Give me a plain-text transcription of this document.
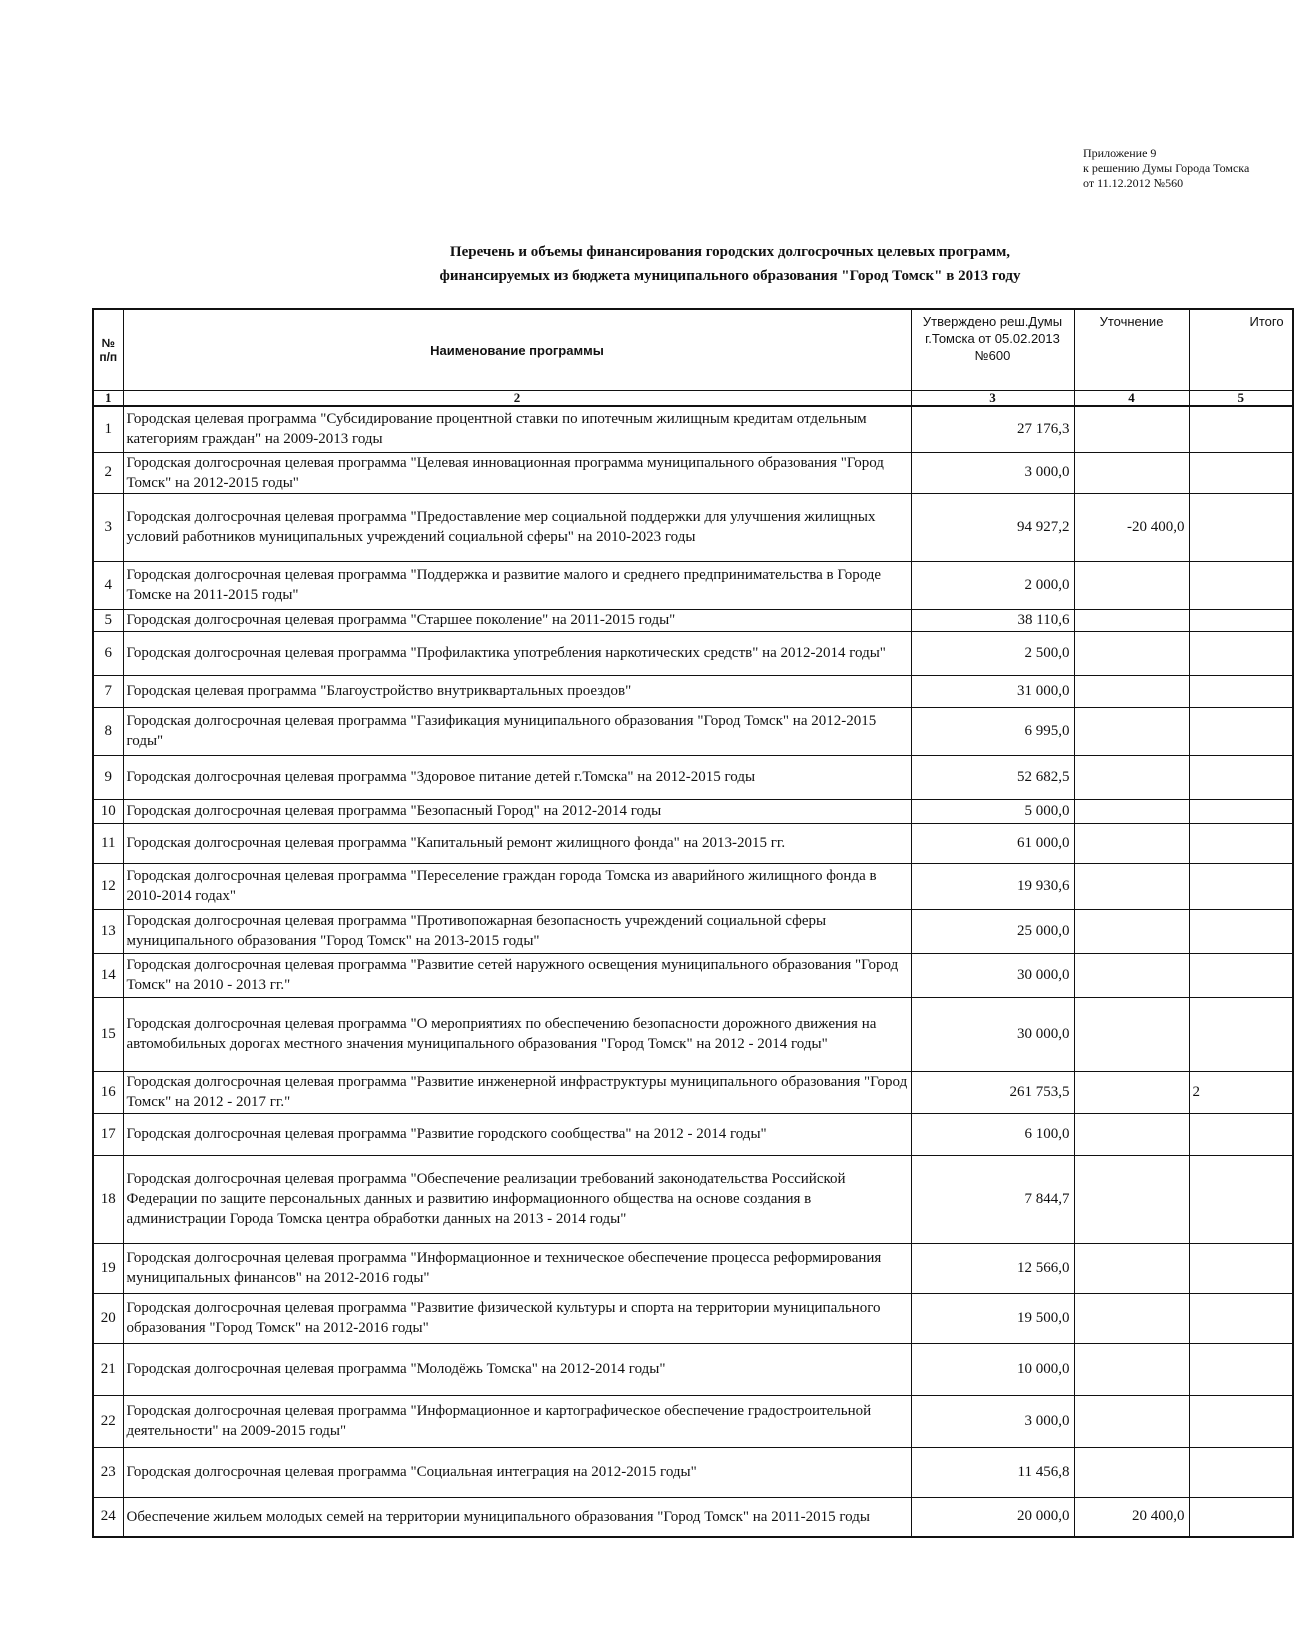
Приложение 9
к решению Думы Города Томска
от 11.12.2012 №560
Перечень и объемы финансирования городских долгосрочных целевых программ,
финансируемых из бюджета муниципального образования "Город Томск" в 2013 году
№ п/п	Наименование программы	Утверждено реш.Думы г.Томска от 05.02.2013 №600	Уточнение	Итого
1	2	3	4	5
1	Городская целевая программа "Субсидирование процентной ставки по ипотечным жилищным кредитам отдельным категориям граждан" на 2009-2013 годы	27 176,3		
2	Городская долгосрочная целевая программа "Целевая инновационная программа муниципального образования "Город Томск" на 2012-2015 годы"	3 000,0		
3	Городская долгосрочная целевая программа "Предоставление мер социальной поддержки для улучшения жилищных условий работников муниципальных учреждений социальной сферы" на 2010-2023 годы	94 927,2	-20 400,0	
4	Городская долгосрочная целевая программа "Поддержка и развитие малого и среднего предпринимательства в Городе Томске на 2011-2015 годы"	2 000,0		
5	Городская долгосрочная целевая программа "Старшее поколение" на 2011-2015 годы"	38 110,6		
6	Городская долгосрочная целевая программа "Профилактика употребления наркотических средств" на 2012-2014 годы"	2 500,0		
7	Городская целевая программа "Благоустройство внутриквартальных проездов"	31 000,0		
8	Городская долгосрочная целевая программа "Газификация муниципального образования "Город Томск" на 2012-2015 годы"	6 995,0		
9	Городская долгосрочная целевая программа "Здоровое питание детей г.Томска" на 2012-2015 годы	52 682,5		
10	Городская долгосрочная целевая программа "Безопасный Город" на 2012-2014 годы	5 000,0		
11	Городская долгосрочная целевая программа "Капитальный ремонт жилищного фонда" на 2013-2015 гг.	61 000,0		
12	Городская долгосрочная целевая программа "Переселение граждан города Томска из аварийного жилищного фонда в 2010-2014 годах"	19 930,6		
13	Городская долгосрочная целевая программа "Противопожарная безопасность учреждений социальной сферы муниципального образования "Город Томск" на 2013-2015 годы"	25 000,0		
14	Городская долгосрочная целевая программа "Развитие сетей наружного освещения муниципального образования "Город Томск" на 2010 - 2013 гг."	30 000,0		
15	Городская долгосрочная целевая программа "О мероприятиях по обеспечению безопасности дорожного движения на автомобильных дорогах местного значения муниципального образования "Город Томск" на 2012 - 2014 годы"	30 000,0		
16	Городская долгосрочная целевая программа "Развитие инженерной инфраструктуры муниципального образования "Город Томск" на 2012 - 2017 гг."	261 753,5		2
17	Городская долгосрочная целевая программа "Развитие городского сообщества" на 2012 - 2014 годы"	6 100,0		
18	Городская долгосрочная целевая программа "Обеспечение реализации требований законодательства Российской Федерации по защите персональных данных и развитию информационного общества на основе создания в администрации Города Томска центра обработки данных на 2013 - 2014 годы"	7 844,7		
19	Городская долгосрочная целевая программа "Информационное и техническое обеспечение процесса реформирования муниципальных финансов" на 2012-2016 годы"	12 566,0		
20	Городская долгосрочная целевая программа "Развитие физической культуры и спорта на территории муниципального образования "Город Томск" на 2012-2016 годы"	19 500,0		
21	Городская долгосрочная целевая программа "Молодёжь Томска" на 2012-2014 годы"	10 000,0		
22	Городская долгосрочная целевая программа "Информационное и картографическое обеспечение градостроительной деятельности" на 2009-2015 годы"	3 000,0		
23	Городская долгосрочная целевая программа "Социальная интеграция на 2012-2015 годы"	11 456,8		
24	Обеспечение жильем молодых семей на территории муниципального образования "Город Томск" на 2011-2015 годы	20 000,0	20 400,0	
